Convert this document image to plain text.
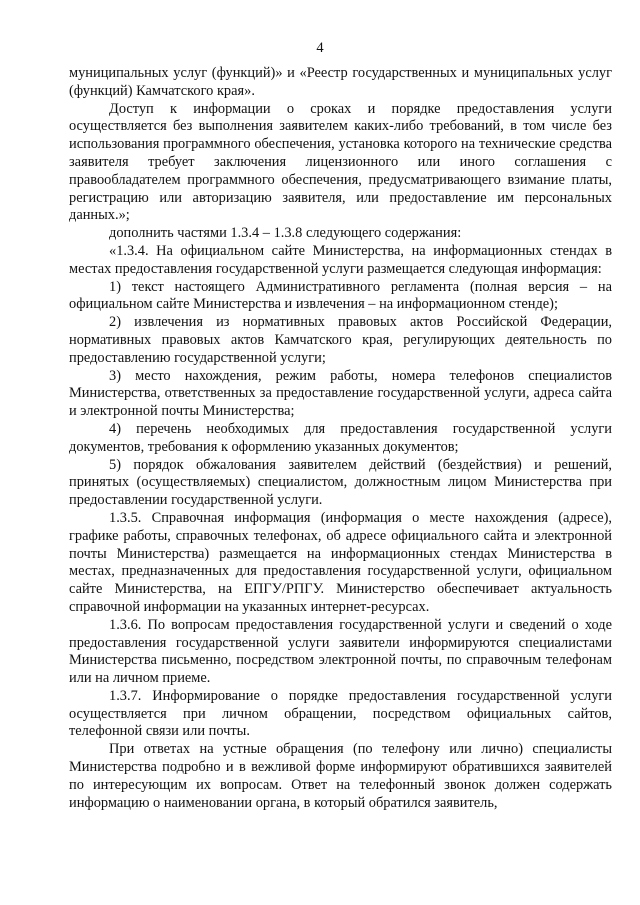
4

муниципальных услуг (функций)» и «Реестр государственных и муниципальных услуг (функций) Камчатского края».

Доступ к информации о сроках и порядке предоставления услуги осуществляется без выполнения заявителем каких-либо требований, в том числе без использования программного обеспечения, установка которого на технические средства заявителя требует заключения лицензионного или иного соглашения с правообладателем программного обеспечения, предусматривающего взимание платы, регистрацию или авторизацию заявителя, или предоставление им персональных данных.»;

дополнить частями 1.3.4 – 1.3.8 следующего содержания:

«1.3.4. На официальном сайте Министерства, на информационных стендах в местах предоставления государственной услуги размещается следующая информация:

1) текст настоящего Административного регламента (полная версия – на официальном сайте Министерства и извлечения – на информационном стенде);

2) извлечения из нормативных правовых актов Российской Федерации, нормативных правовых актов Камчатского края, регулирующих деятельность по предоставлению государственной услуги;

3) место нахождения, режим работы, номера телефонов специалистов Министерства, ответственных за предоставление государственной услуги, адреса сайта и электронной почты Министерства;

4) перечень необходимых для предоставления государственной услуги документов, требования к оформлению указанных документов;

5) порядок обжалования заявителем действий (бездействия) и решений, принятых (осуществляемых) специалистом, должностным лицом Министерства при предоставлении государственной услуги.

1.3.5. Справочная информация (информация о месте нахождения (адресе), графике работы, справочных телефонах, об адресе официального сайта и электронной почты Министерства) размещается на информационных стендах Министерства в местах, предназначенных для предоставления государственной услуги, официальном сайте Министерства, на ЕПГУ/РПГУ. Министерство обеспечивает актуальность справочной информации на указанных интернет-ресурсах.

1.3.6. По вопросам предоставления государственной услуги и сведений о ходе предоставления государственной услуги заявители информируются специалистами Министерства письменно, посредством электронной почты, по справочным телефонам или на личном приеме.

1.3.7. Информирование о порядке предоставления государственной услуги осуществляется при личном обращении, посредством официальных сайтов, телефонной связи или почты.

При ответах на устные обращения (по телефону или лично) специалисты Министерства подробно и в вежливой форме информируют обратившихся заявителей по интересующим их вопросам. Ответ на телефонный звонок должен содержать информацию о наименовании органа, в который обратился заявитель,
